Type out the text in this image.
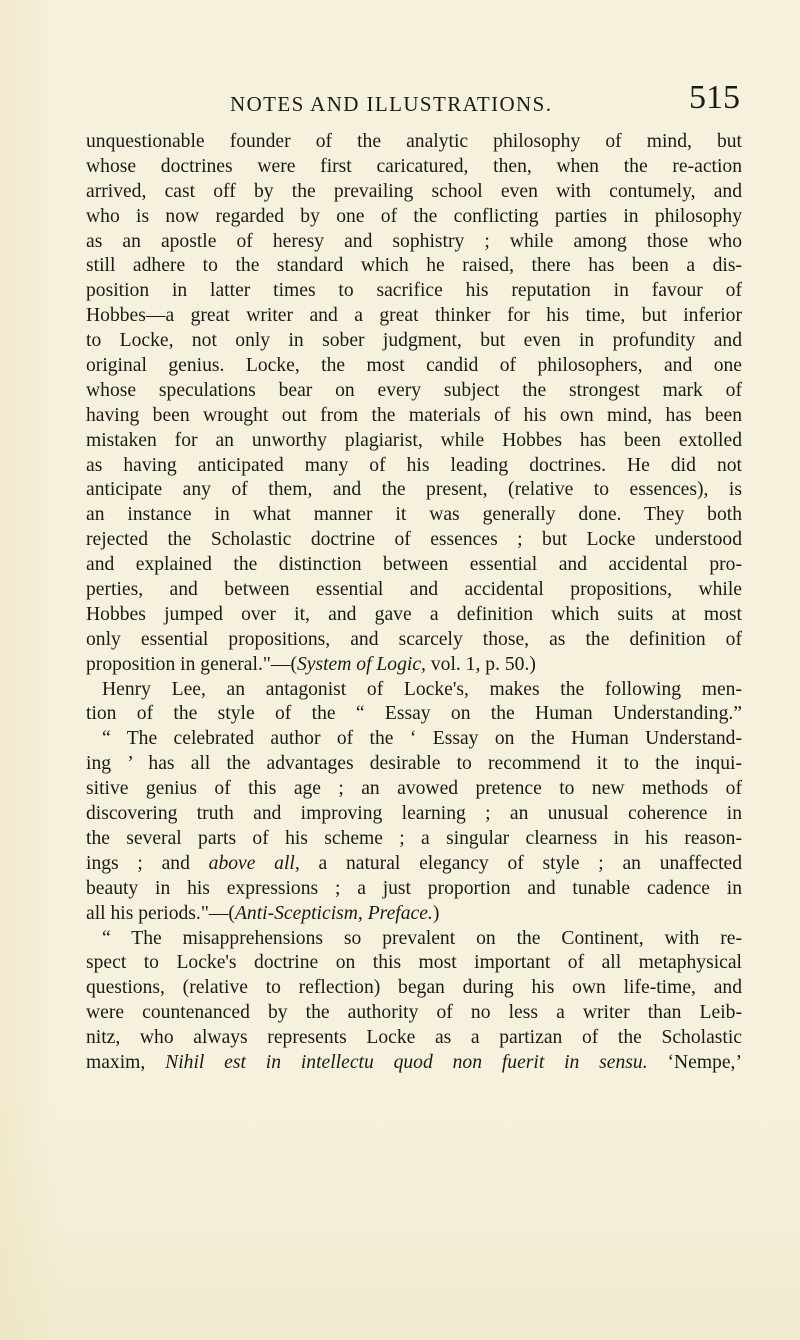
NOTES AND ILLUSTRATIONS.	515
unquestionable founder of the analytic philosophy of mind, but
whose doctrines were first caricatured, then, when the re-action
arrived, cast off by the prevailing school even with contumely, and
who is now regarded by one of the conflicting parties in philosophy
as an apostle of heresy and sophistry ; while among those who
still adhere to the standard which he raised, there has been a dis-
position in latter times to sacrifice his reputation in favour of
Hobbes—a great writer and a great thinker for his time, but inferior
to Locke, not only in sober judgment, but even in profundity and
original genius. Locke, the most candid of philosophers, and one
whose speculations bear on every subject the strongest mark of
having been wrought out from the materials of his own mind, has been
mistaken for an unworthy plagiarist, while Hobbes has been extolled
as having anticipated many of his leading doctrines. He did not
anticipate any of them, and the present, (relative to essences), is
an instance in what manner it was generally done. They both
rejected the Scholastic doctrine of essences ; but Locke understood
and explained the distinction between essential and accidental pro-
perties, and between essential and accidental propositions, while
Hobbes jumped over it, and gave a definition which suits at most
only essential propositions, and scarcely those, as the definition of
proposition in general."—(System of Logic, vol. 1, p. 50.)
Henry Lee, an antagonist of Locke's, makes the following men-
tion of the style of the “ Essay on the Human Understanding.”
“ The celebrated author of the ‘ Essay on the Human Understand-
ing ’ has all the advantages desirable to recommend it to the inqui-
sitive genius of this age ; an avowed pretence to new methods of
discovering truth and improving learning ; an unusual coherence in
the several parts of his scheme ; a singular clearness in his reason-
ings ; and above all, a natural elegancy of style ; an unaffected
beauty in his expressions ; a just proportion and tunable cadence in
all his periods."—(Anti-Scepticism, Preface.)
“ The misapprehensions so prevalent on the Continent, with re-
spect to Locke's doctrine on this most important of all metaphysical
questions, (relative to reflection) began during his own life-time, and
were countenanced by the authority of no less a writer than Leib-
nitz, who always represents Locke as a partizan of the Scholastic
maxim, Nihil est in intellectu quod non fuerit in sensu. ‘Nempe,’
